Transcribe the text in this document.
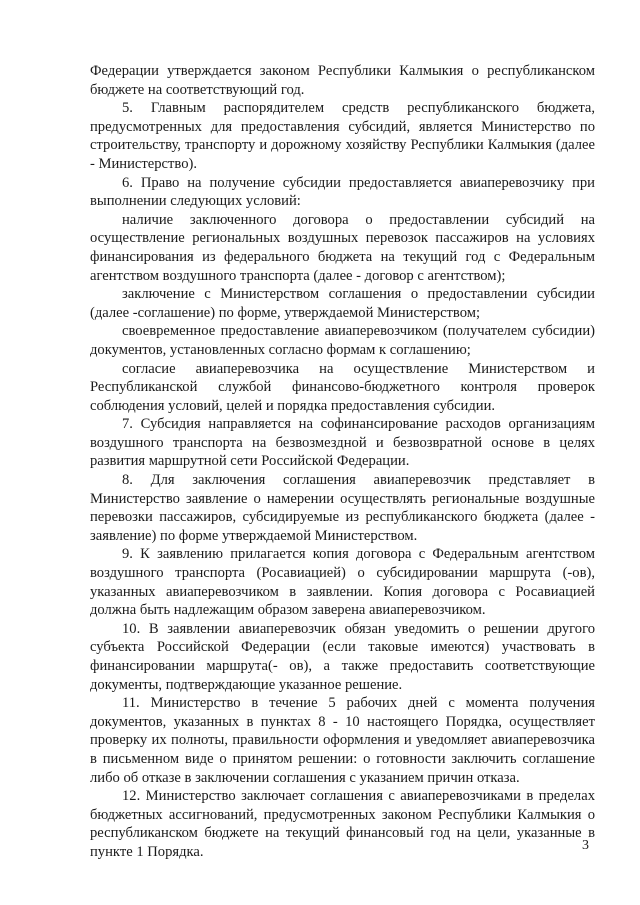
Федерации утверждается законом Республики Калмыкия о республиканском бюджете на соответствующий год.

5. Главным распорядителем средств республиканского бюджета, предусмотренных для предоставления субсидий, является Министерство по строительству, транспорту и дорожному хозяйству Республики Калмыкия (далее - Министерство).

6. Право на получение субсидии предоставляется авиаперевозчику при выполнении следующих условий:

наличие заключенного договора о предоставлении субсидий на осуществление региональных воздушных перевозок пассажиров на условиях финансирования из федерального бюджета на текущий год с Федеральным агентством воздушного транспорта (далее - договор с агентством);

заключение с Министерством соглашения о предоставлении субсидии (далее -соглашение) по форме, утверждаемой Министерством;

своевременное предоставление авиаперевозчиком (получателем субсидии) документов, установленных согласно формам к соглашению;

согласие авиаперевозчика на осуществление Министерством и Республиканской службой финансово-бюджетного контроля проверок соблюдения условий, целей и порядка предоставления субсидии.

7. Субсидия направляется на софинансирование расходов организациям воздушного транспорта на безвозмездной и безвозвратной основе в целях развития маршрутной сети Российской Федерации.

8. Для заключения соглашения авиаперевозчик представляет в Министерство заявление о намерении осуществлять региональные воздушные перевозки пассажиров, субсидируемые из республиканского бюджета (далее - заявление) по форме утверждаемой Министерством.

9. К заявлению прилагается копия договора с Федеральным агентством воздушного транспорта (Росавиацией) о субсидировании маршрута (-ов), указанных авиаперевозчиком в заявлении. Копия договора с Росавиацией должна быть надлежащим образом заверена авиаперевозчиком.

10. В заявлении авиаперевозчик обязан уведомить о решении другого субъекта Российской Федерации (если таковые имеются) участвовать в финансировании маршрута(- ов), а также предоставить соответствующие документы, подтверждающие указанное решение.

11. Министерство в течение 5 рабочих дней с момента получения документов, указанных в пунктах 8 - 10 настоящего Порядка, осуществляет проверку их полноты, правильности оформления и уведомляет авиаперевозчика в письменном виде о принятом решении: о готовности заключить соглашение либо об отказе в заключении соглашения с указанием причин отказа.

12. Министерство заключает соглашения с авиаперевозчиками в пределах бюджетных ассигнований, предусмотренных законом Республики Калмыкия о республиканском бюджете на текущий финансовый год на цели, указанные в пункте 1 Порядка.	3
